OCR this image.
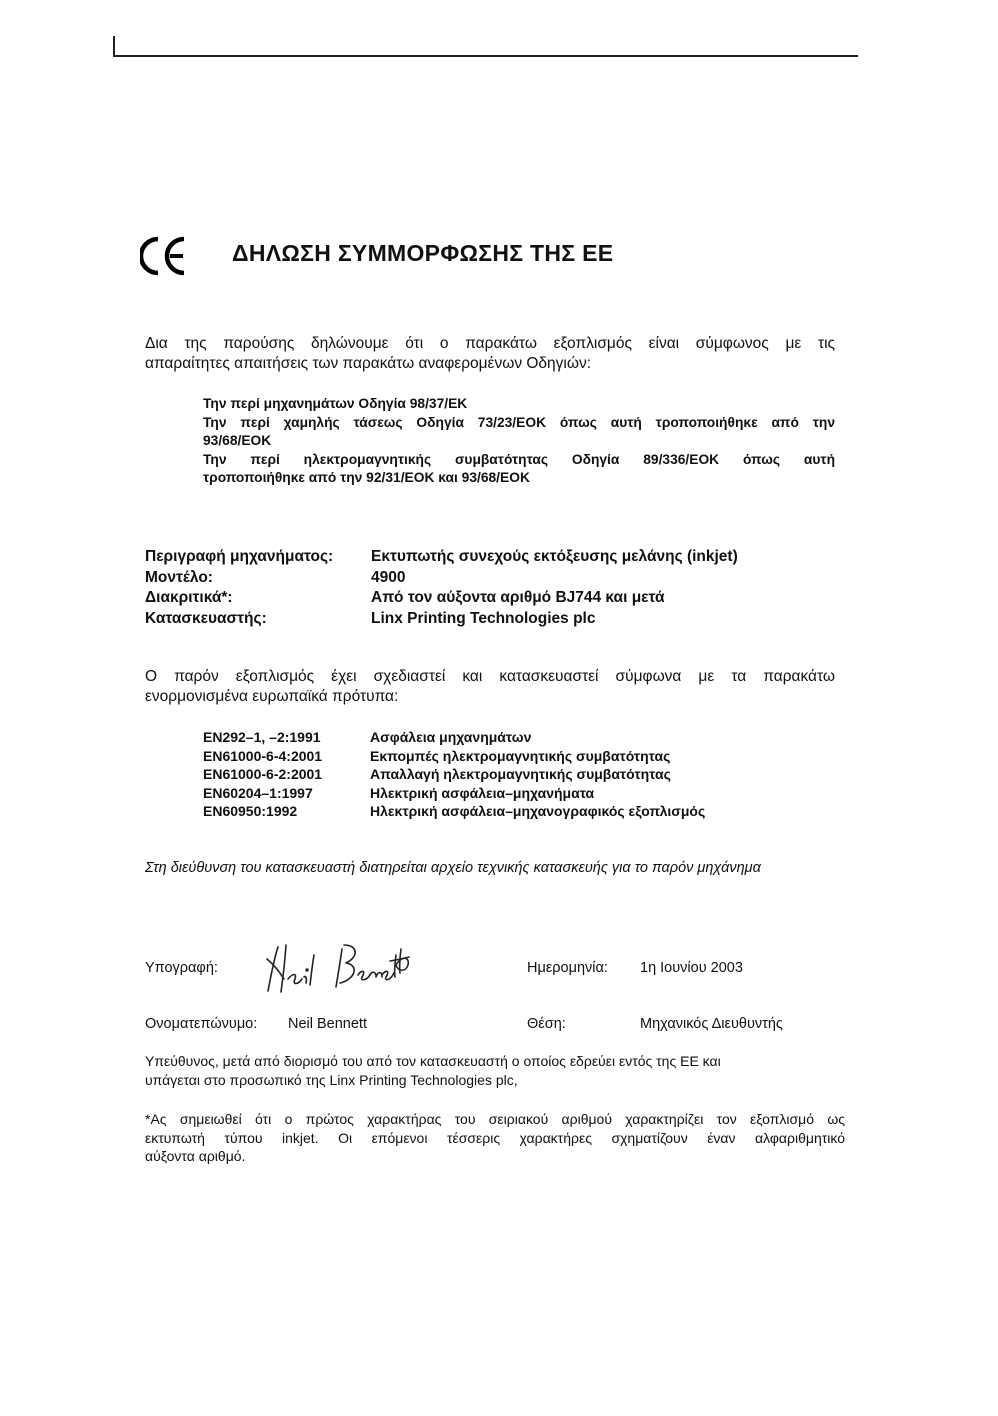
ΔΗΛΩΣΗ ΣΥΜΜΟΡΦΩΣΗΣ ΤΗΣ ΕΕ
Δια της παρούσης δηλώνουμε ότι ο παρακάτω εξοπλισμός είναι σύμφωνος με τις
απαραίτητες απαιτήσεις των παρακάτω αναφερομένων Οδηγιών:
Την περί μηχανημάτων Οδηγία 98/37/ΕΚ
Την περί χαμηλής τάσεως Οδηγία 73/23/ΕΟΚ όπως αυτή τροποποιήθηκε από την
93/68/ΕΟΚ
Την περί ηλεκτρομαγνητικής συμβατότητας Οδηγία 89/336/ΕΟΚ όπως αυτή
τροποποιήθηκε από την 92/31/ΕΟΚ και 93/68/ΕΟΚ
Περιγραφή μηχανήματος:	Εκτυπωτής συνεχούς εκτόξευσης μελάνης (inkjet)
Μοντέλο:	4900
Διακριτικά*:	Από τον αύξοντα αριθμό BJ744 και μετά
Κατασκευαστής:	Linx Printing Technologies plc
Ο παρόν εξοπλισμός έχει σχεδιαστεί και κατασκευαστεί σύμφωνα με τα παρακάτω
ενορμονισμένα ευρωπαϊκά πρότυπα:
EN292–1, –2:1991	Ασφάλεια μηχανημάτων
EN61000-6-4:2001	Εκπομπές ηλεκτρομαγνητικής συμβατότητας
EN61000-6-2:2001	Απαλλαγή ηλεκτρομαγνητικής συμβατότητας
EN60204–1:1997	Ηλεκτρική ασφάλεια–μηχανήματα
EN60950:1992	Ηλεκτρική ασφάλεια–μηχανογραφικός εξοπλισμός
Στη διεύθυνση του κατασκευαστή διατηρείται αρχείο τεχνικής κατασκευής για το παρόν μηχάνημα
Υπογραφή:	Ημερομηνία: 1η Ιουνίου 2003
Ονοματεπώνυμο: Neil Bennett	Θέση:	Μηχανικός Διευθυντής
Υπεύθυνος, μετά από διορισμό του από τον κατασκευαστή ο οποίος εδρεύει εντός της ΕΕ και
υπάγεται στο προσωπικό της Linx Printing Technologies plc,
*Ας σημειωθεί ότι ο πρώτος χαρακτήρας του σειριακού αριθμού χαρακτηρίζει τον εξοπλισμό ως
εκτυπωτή τύπου inkjet. Οι επόμενοι τέσσερις χαρακτήρες σχηματίζουν έναν αλφαριθμητικό
αύξοντα αριθμό.
